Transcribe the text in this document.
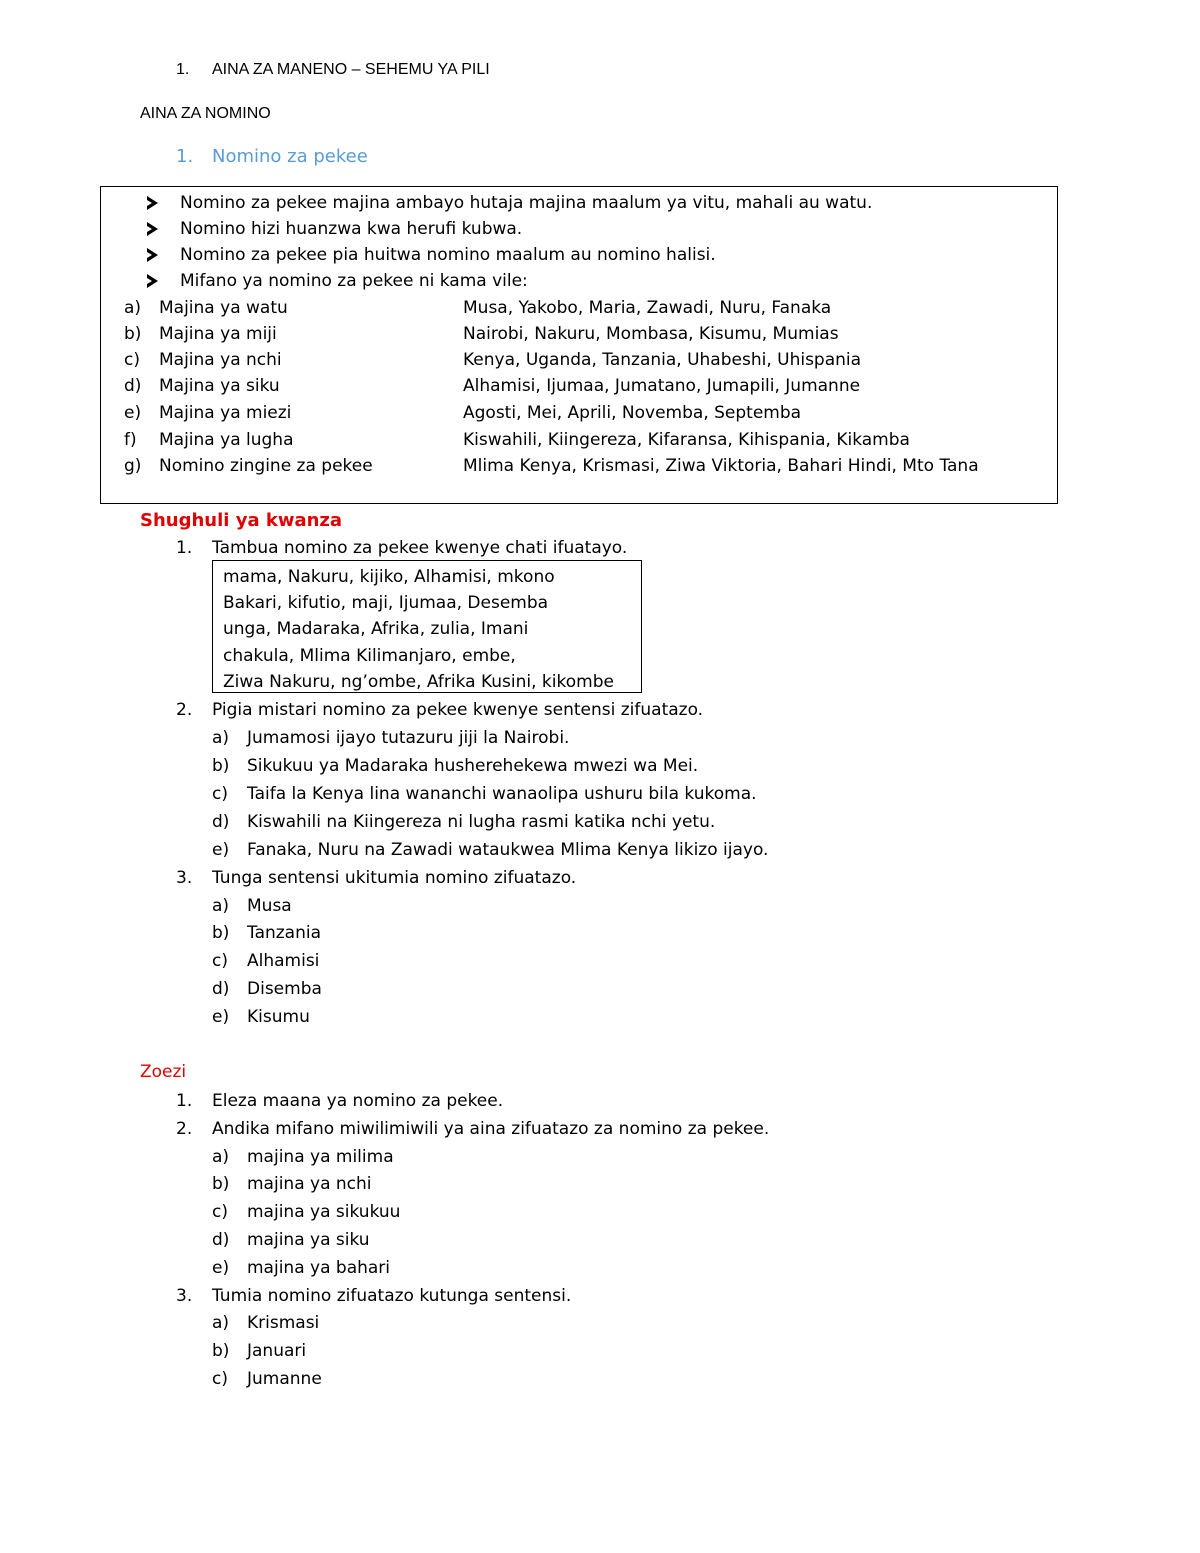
1. AINA ZA MANENO – SEHEMU YA PILI
AINA ZA NOMINO
1. Nomino za pekee
Nomino za pekee majina ambayo hutaja majina maalum ya vitu, mahali au watu.
Nomino hizi huanzwa kwa herufi kubwa.
Nomino za pekee pia huitwa nomino maalum au nomino halisi.
Mifano ya nomino za pekee ni kama vile:
a) Majina ya watu	Musa, Yakobo, Maria, Zawadi, Nuru, Fanaka
b) Majina ya miji	Nairobi, Nakuru, Mombasa, Kisumu, Mumias
c) Majina ya nchi	Kenya, Uganda, Tanzania, Uhabeshi, Uhispania
d) Majina ya siku	Alhamisi, Ijumaa, Jumatano, Jumapili, Jumanne
e) Majina ya miezi	Agosti, Mei, Aprili, Novemba, Septemba
f) Majina ya lugha	Kiswahili, Kiingereza, Kifaransa, Kihispania, Kikamba
g) Nomino zingine za pekee	Mlima Kenya, Krismasi, Ziwa Viktoria, Bahari Hindi, Mto Tana
Shughuli ya kwanza
1. Tambua nomino za pekee kwenye chati ifuatayo.
mama, Nakuru, kijiko, Alhamisi, mkono
Bakari, kifutio, maji, Ijumaa, Desemba
unga, Madaraka, Afrika, zulia, Imani
chakula, Mlima Kilimanjaro, embe,
Ziwa Nakuru, ng’ombe, Afrika Kusini, kikombe
2. Pigia mistari nomino za pekee kwenye sentensi zifuatazo.
a) Jumamosi ijayo tutazuru jiji la Nairobi.
b) Sikukuu ya Madaraka husherehekewa mwezi wa Mei.
c) Taifa la Kenya lina wananchi wanaolipa ushuru bila kukoma.
d) Kiswahili na Kiingereza ni lugha rasmi katika nchi yetu.
e) Fanaka, Nuru na Zawadi wataukwea Mlima Kenya likizo ijayo.
3. Tunga sentensi ukitumia nomino zifuatazo.
a) Musa
b) Tanzania
c) Alhamisi
d) Disemba
e) Kisumu
Zoezi
1. Eleza maana ya nomino za pekee.
2. Andika mifano miwilimiwili ya aina zifuatazo za nomino za pekee.
a) majina ya milima
b) majina ya nchi
c) majina ya sikukuu
d) majina ya siku
e) majina ya bahari
3. Tumia nomino zifuatazo kutunga sentensi.
a) Krismasi
b) Januari
c) Jumanne
